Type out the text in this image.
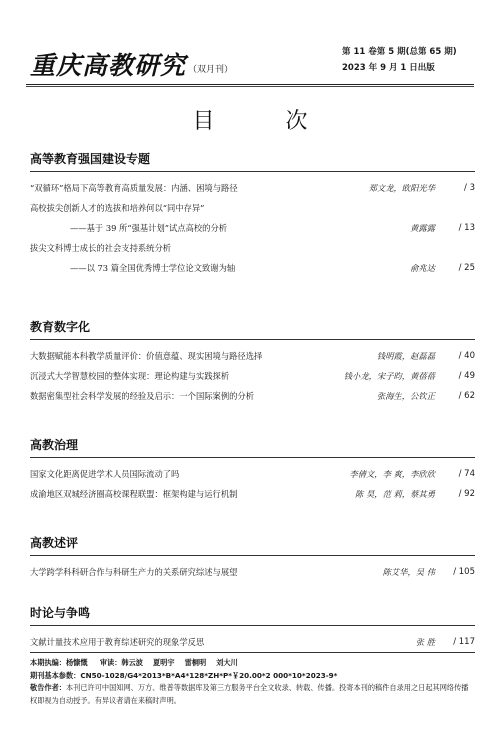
重庆高教研究 （双月刊）
第 11 卷第 5 期(总第 65 期)
2023 年 9 月 1 日出版
目 次
高等教育强国建设专题
“双循环”格局下高等教育高质量发展：内涵、困境与路径	郑文龙，欧阳光华	/ 3
高校拔尖创新人才的选拔和培养何以“同中存异”
——基于 39 所“强基计划”试点高校的分析	黄露露	/ 13
拔尖文科博士成长的社会支持系统分析
——以 73 篇全国优秀博士学位论文致谢为轴	俞兆达	/ 25
教育数字化
大数据赋能本科教学质量评价：价值意蕴、现实困境与路径选择	钱明霞，赵磊磊	/ 40
沉浸式大学智慧校园的整体实现：理论构建与实践探析	钱小龙，宋子昀，黄蓓蓓	/ 49
数据密集型社会科学发展的经验及启示：一个国际案例的分析	张海生，公钦正	/ 62
高教治理
国家文化距离促进学术人员国际流动了吗	李倩文，李 爽，李欣欣	/ 74
成渝地区双城经济圈高校课程联盟：框架构建与运行机制	陈 昊，范 莉，蔡其勇	/ 92
高教述评
大学跨学科科研合作与科研生产力的关系研究综述与展望	陈艾华，吴 伟	/ 105
时论与争鸣
文献计量技术应用于教育综述研究的现象学反思	张 胜	/ 117
本期执编：杨慷慨 审读：韩云波 夏明宇 雷桐明 刘大川
期刊基本参数：CN50-1028/G4*2013*B*A4*128*ZH*P*￥20.00*2 000*10*2023-9*
敬告作者：本刊已许可中国知网、万方、维普等数据库及第三方服务平台全文收录、转载、传播。投寄本刊的稿件自录用之日起其网络传播权即视为自动授予。有异议者请在来稿时声明。
